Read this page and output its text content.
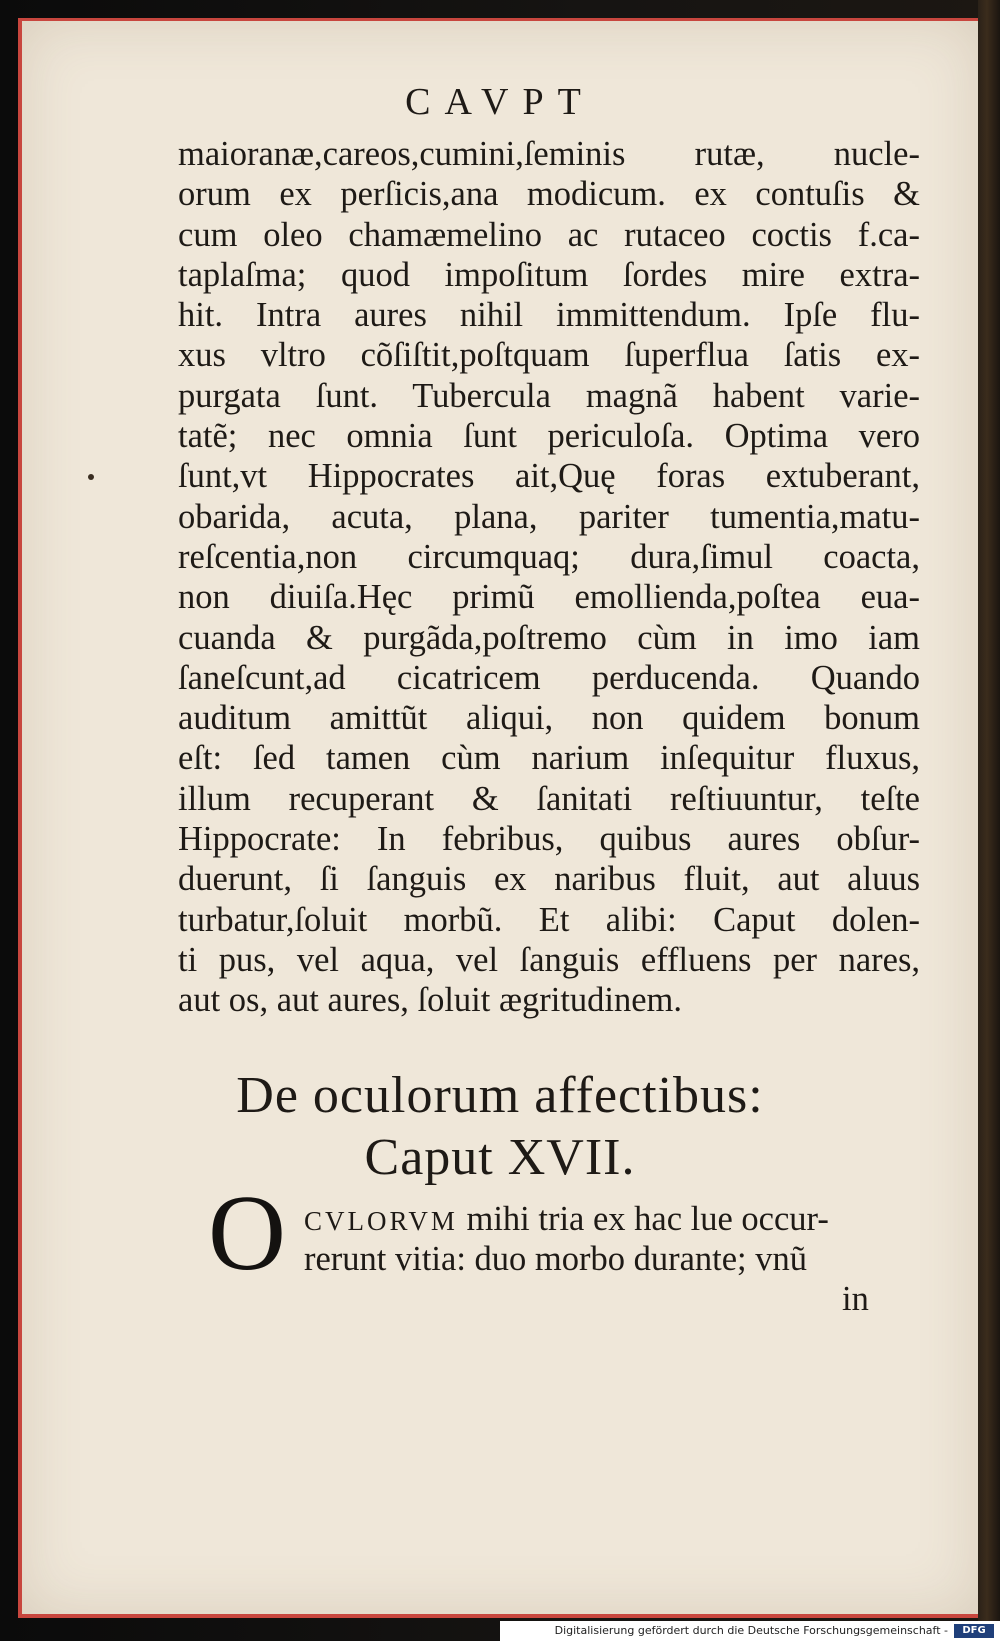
CAVPT
maioranæ,careos,cumini,ſeminis rutæ, nucle-
orum ex perſicis,ana modicum. ex contuſis &
cum oleo chamæmelino ac rutaceo coctis f.ca-
taplaſma; quod impoſitum ſordes mire extra-
hit. Intra aures nihil immittendum. Ipſe flu-
xus vltro cõſiſtit,poſtquam ſuperflua ſatis ex-
purgata ſunt. Tubercula magnã habent varie-
tatẽ; nec omnia ſunt periculoſa. Optima vero
ſunt,vt Hippocrates ait,Quę foras extuberant,
obarida, acuta, plana, pariter tumentia,matu-
reſcentia,non circumquaq; dura,ſimul coacta,
non diuiſa.Hęc primũ emollienda,poſtea eua-
cuanda & purgãda,poſtremo cùm in imo iam
ſaneſcunt,ad cicatricem perducenda. Quando
auditum amittũt aliqui, non quidem bonum
eſt: ſed tamen cùm narium inſequitur fluxus,
illum recuperant & ſanitati reſtiuuntur, teſte
Hippocrate: In febribus, quibus aures obſur-
duerunt, ſi ſanguis ex naribus fluit, aut aluus
turbatur,ſoluit morbũ. Et alibi: Caput dolen-
ti pus, vel aqua, vel ſanguis effluens per nares,
aut os, aut aures, ſoluit ægritudinem.
De oculorum affectibus:
Caput XVII.
O CVLORVM mihi tria ex hac lue occur-
rerunt vitia: duo morbo durante; vnũ
in
Digitalisierung gefördert durch die Deutsche Forschungsgemeinschaft -	DFG
